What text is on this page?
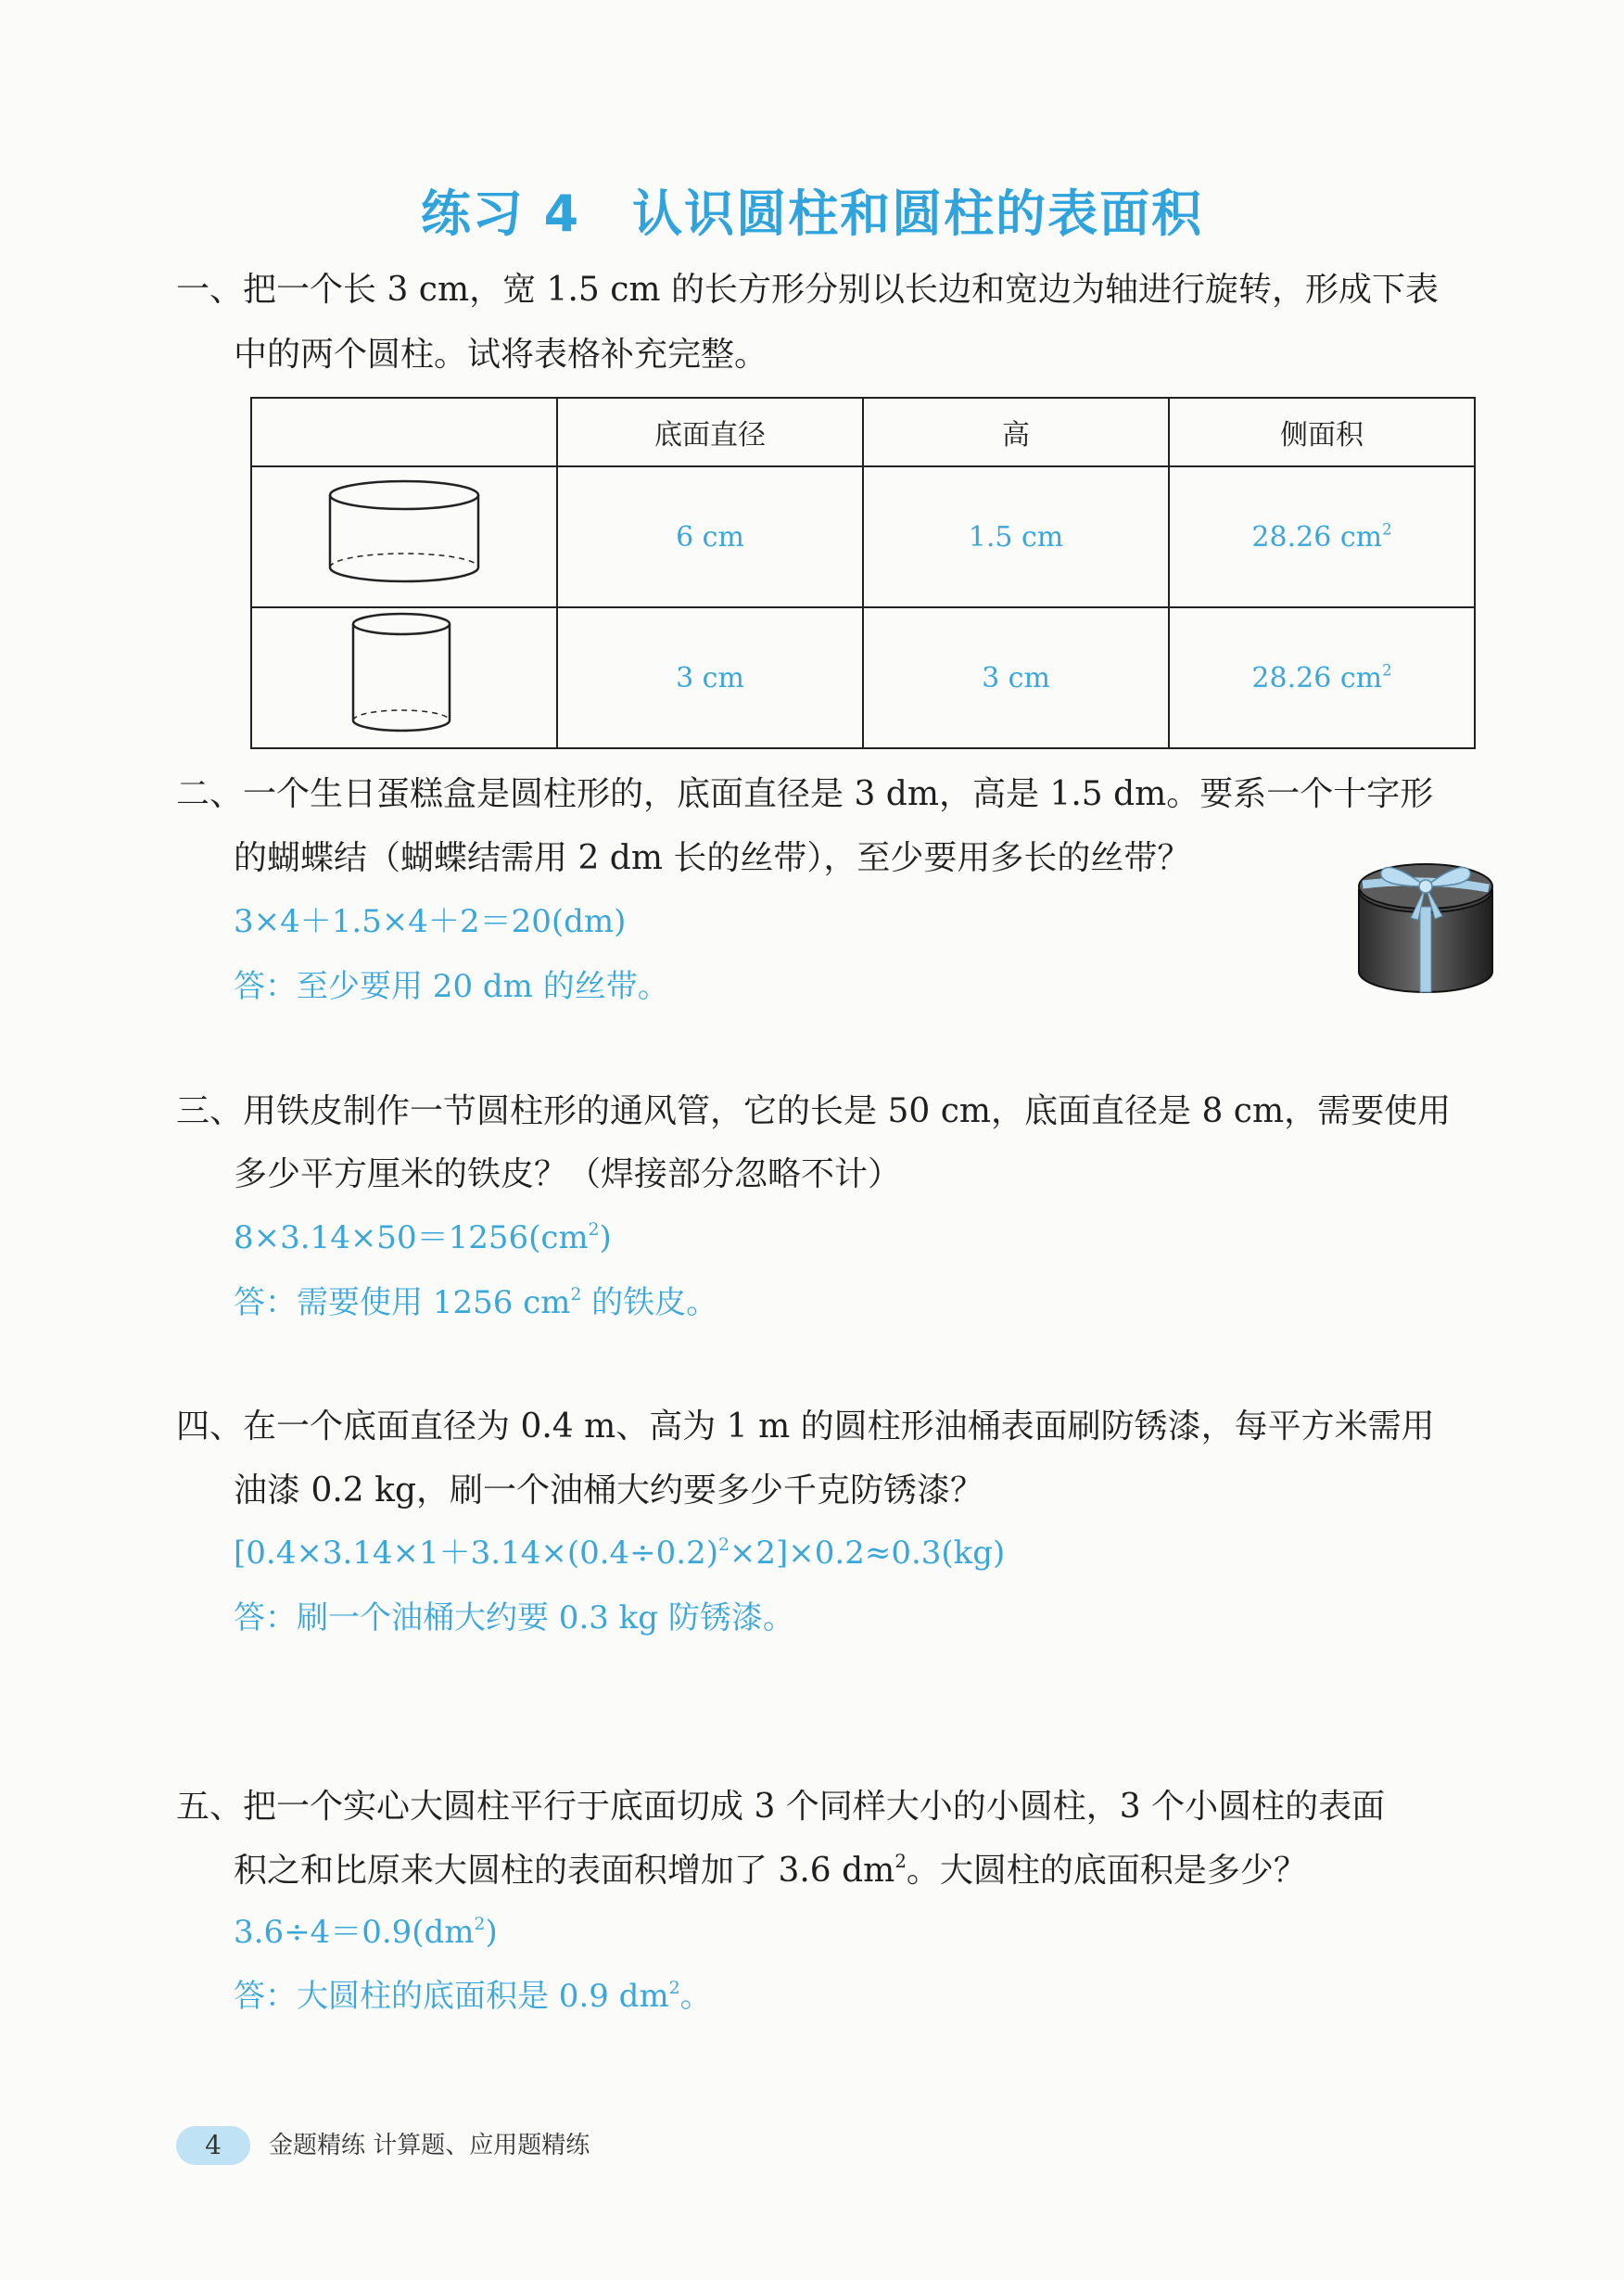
练习 4　认识圆柱和圆柱的表面积
一、把一个长 3 cm，宽 1.5 cm 的长方形分别以长边和宽边为轴进行旋转，形成下表
中的两个圆柱。试将表格补充完整。
	底面直径	高	侧面积
	6 cm	1.5 cm	28.26 $cm^2$
	3 cm	3 cm	28.26 $cm^2$
二、一个生日蛋糕盒是圆柱形的，底面直径是 3 dm，高是 1.5 dm。要系一个十字形
的蝴蝶结（蝴蝶结需用 2 dm 长的丝带），至少要用多长的丝带？
3×4＋1.5×4＋2＝20(dm)
答：至少要用 20 dm 的丝带。
三、用铁皮制作一节圆柱形的通风管，它的长是 50 cm，底面直径是 8 cm，需要使用
多少平方厘米的铁皮？（焊接部分忽略不计）
$8\times 3.14\times 50=1256(cm^2)$
答：需要使用 1256 $cm^2$ 的铁皮。
四、在一个底面直径为 0.4 m、高为 1 m 的圆柱形油桶表面刷防锈漆，每平方米需用
油漆 0.2 kg，刷一个油桶大约要多少千克防锈漆？
$[0.4\times 3.14\times 1+3.14\times(0.4\div 0.2)^2\times 2]\times 0.2\approx 0.3(kg)$
答：刷一个油桶大约要 0.3 kg 防锈漆。
五、把一个实心大圆柱平行于底面切成 3 个同样大小的小圆柱，3 个小圆柱的表面
积之和比原来大圆柱的表面积增加了 3.6 $dm^2$。大圆柱的底面积是多少？
$3.6\div 4=0.9(dm^2)$
答：大圆柱的底面积是 0.9 $dm^2$。
4	金题精练 计算题、应用题精练
